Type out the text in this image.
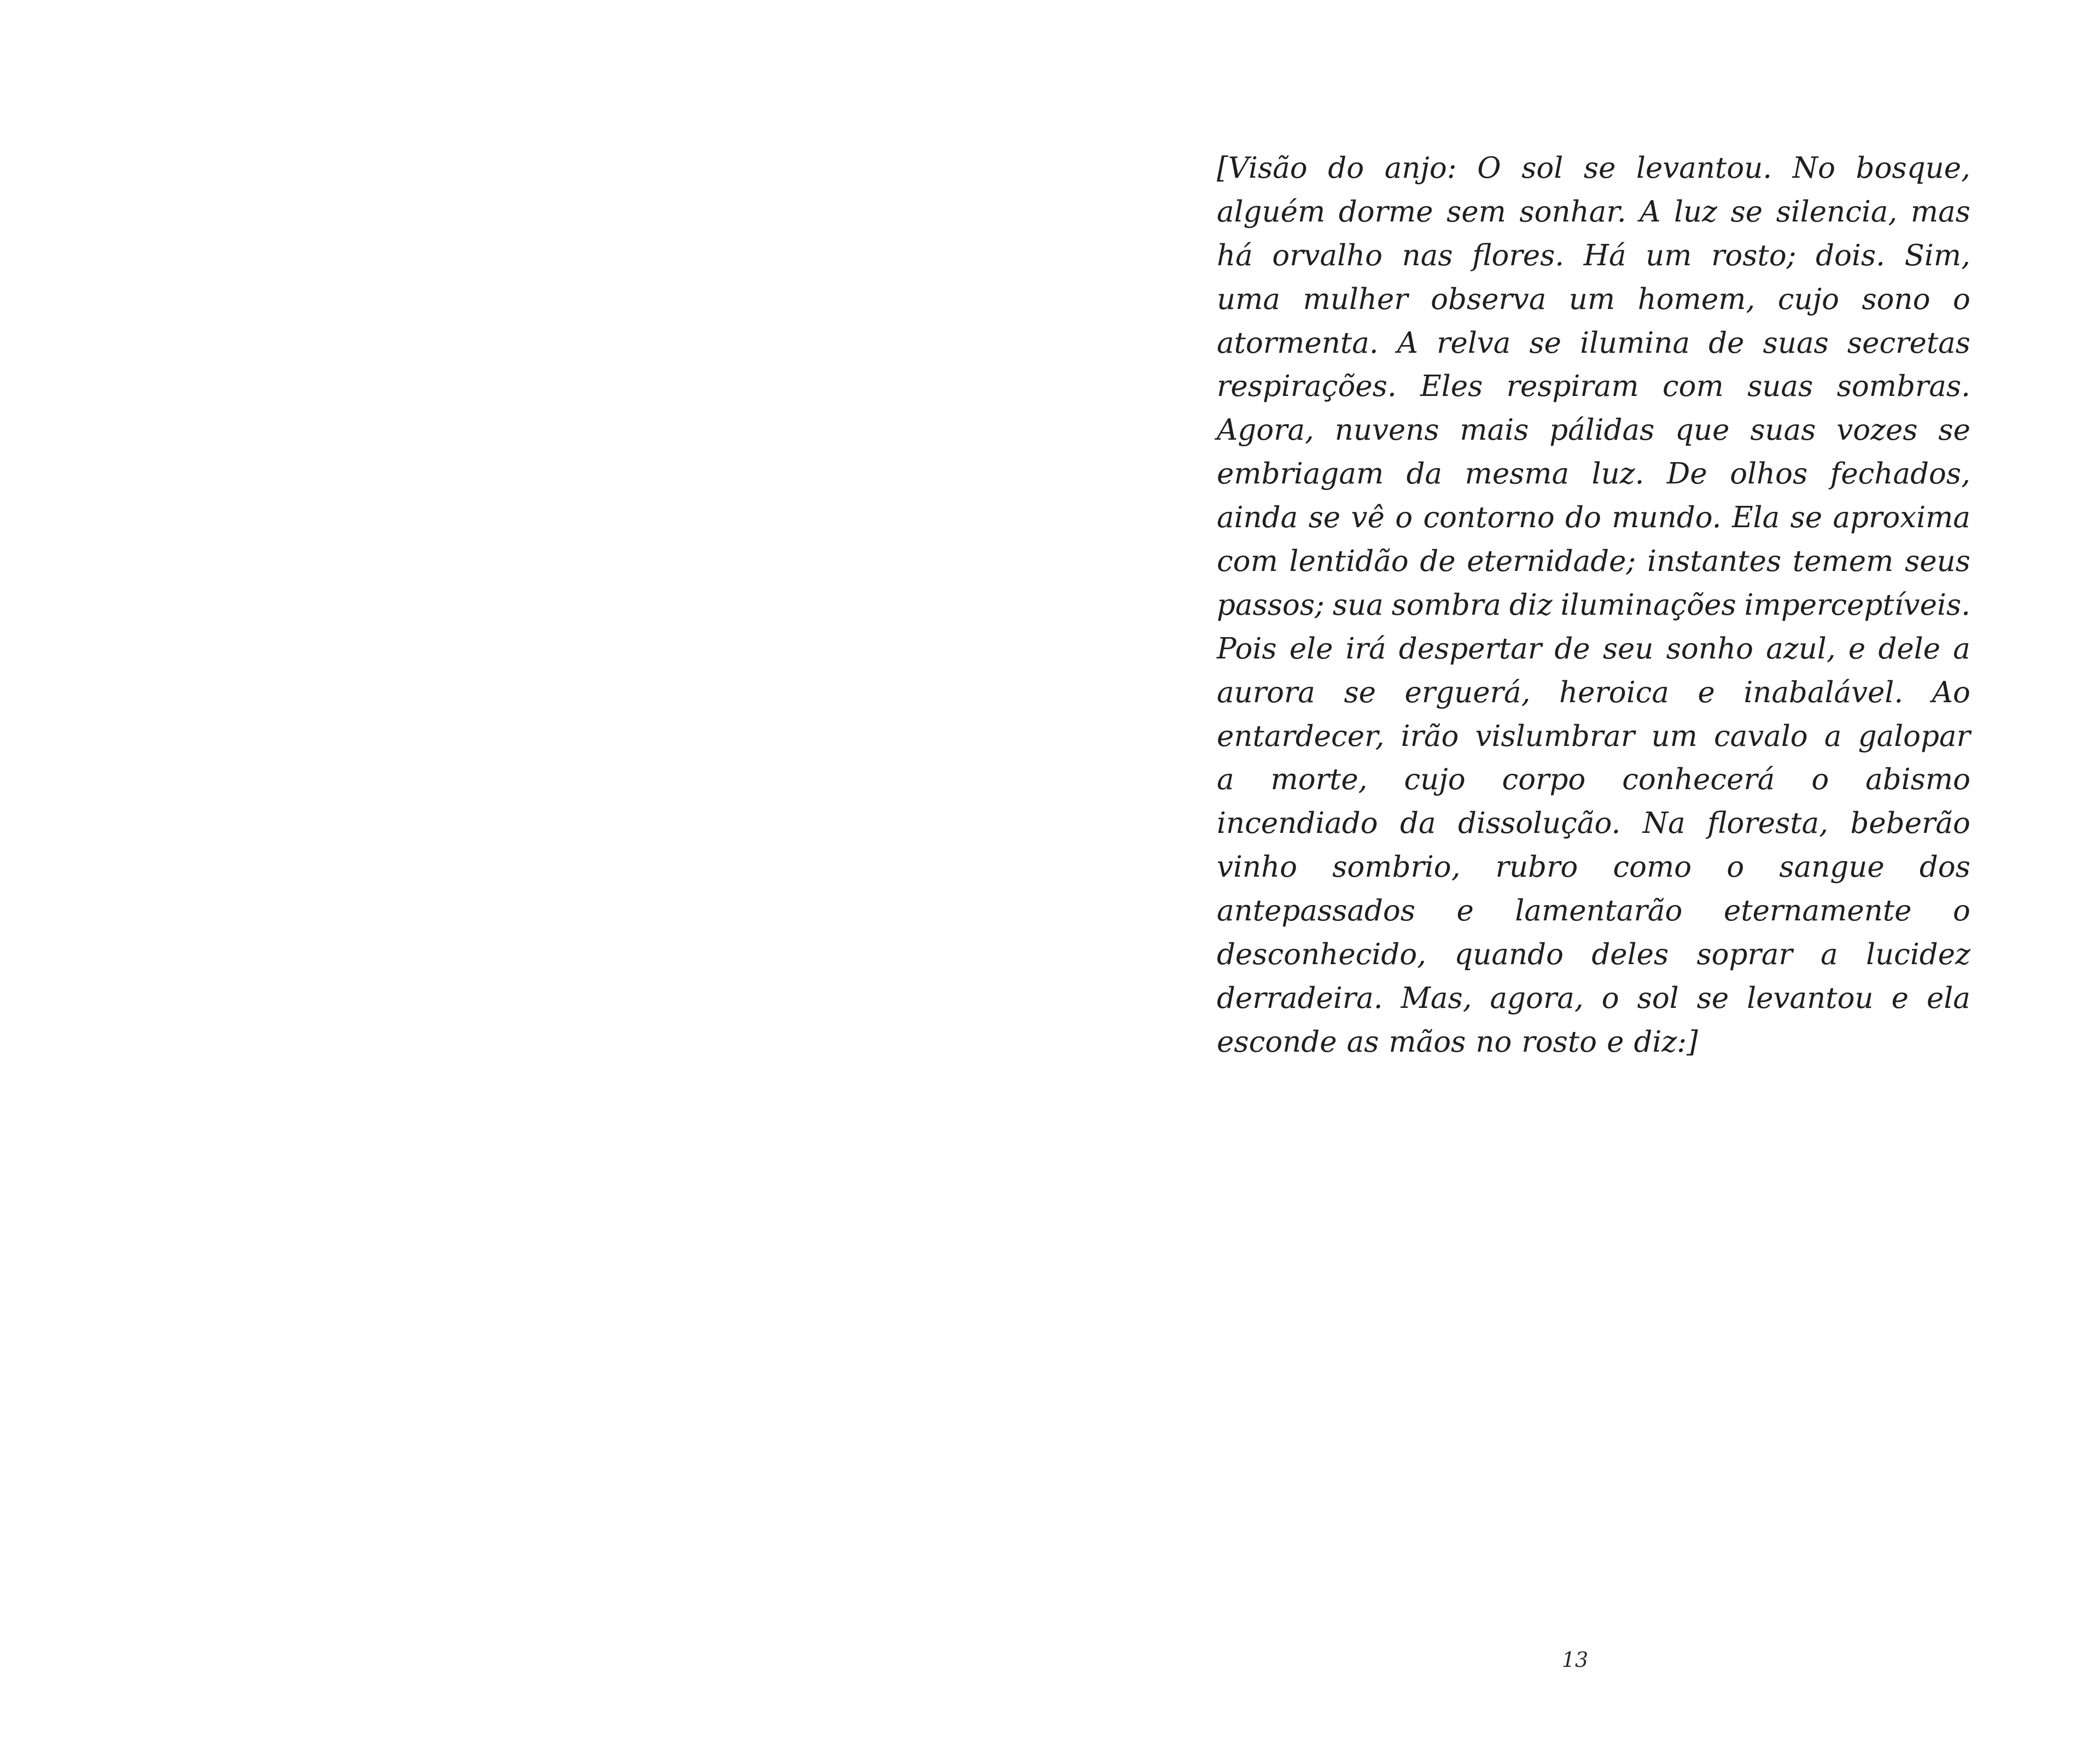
[Visão do anjo: O sol se levantou. No bosque,
alguém dorme sem sonhar. A luz se silencia, mas
há orvalho nas flores. Há um rosto; dois. Sim,
uma mulher observa um homem, cujo sono o
atormenta. A relva se ilumina de suas secretas
respirações. Eles respiram com suas sombras.
Agora, nuvens mais pálidas que suas vozes se
embriagam da mesma luz. De olhos fechados,
ainda se vê o contorno do mundo. Ela se aproxima
com lentidão de eternidade; instantes temem seus
passos; sua sombra diz iluminações imperceptíveis.
Pois ele irá despertar de seu sonho azul, e dele a
aurora se erguerá, heroica e inabalável. Ao
entardecer, irão vislumbrar um cavalo a galopar
a morte, cujo corpo conhecerá o abismo
incendiado da dissolução. Na floresta, beberão
vinho sombrio, rubro como o sangue dos
antepassados e lamentarão eternamente o
desconhecido, quando deles soprar a lucidez
derradeira. Mas, agora, o sol se levantou e ela
esconde as mãos no rosto e diz:]
13
